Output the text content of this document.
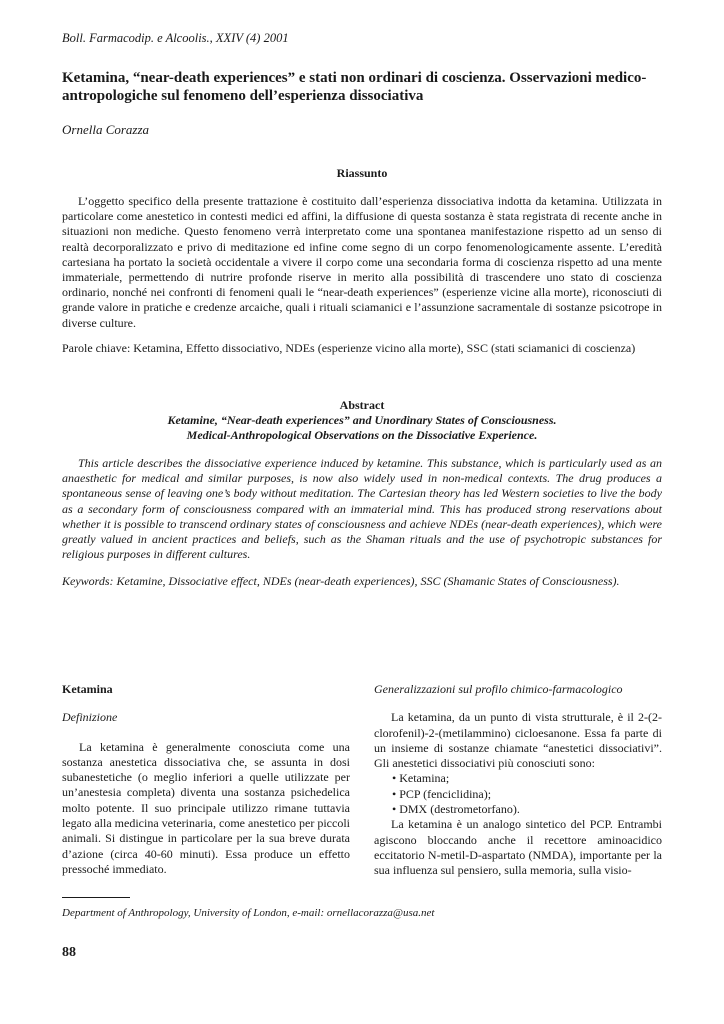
Boll. Farmacodip. e Alcoolis., XXIV (4) 2001
Ketamina, “near-death experiences” e stati non ordinari di coscienza. Osservazioni medico-antropologiche sul fenomeno dell’esperienza dissociativa
Ornella Corazza
Riassunto
L’oggetto specifico della presente trattazione è costituito dall’esperienza dissociativa indotta da ketamina. Utilizzata in particolare come anestetico in contesti medici ed affini, la diffusione di questa sostanza è stata registrata di recente anche in situazioni non mediche. Questo fenomeno verrà interpretato come una spontanea manifestazione rispetto ad un senso di realtà decorporalizzato e privo di meditazione ed infine come segno di un corpo fenomenologicamente assente. L’eredità cartesiana ha portato la società occidentale a vivere il corpo come una secondaria forma di coscienza rispetto ad una mente immateriale, permettendo di nutrire profonde riserve in merito alla possibilità di trascendere uno stato di coscienza ordinario, nonché nei confronti di fenomeni quali le “near-death experiences” (esperienze vicine alla morte), riconosciuti di grande valore in pratiche e credenze arcaiche, quali i rituali sciamanici e l’assunzione sacramentale di sostanze psicotrope in diverse culture.
Parole chiave: Ketamina, Effetto dissociativo, NDEs (esperienze vicino alla morte), SSC (stati sciamanici di coscienza)
Abstract
Ketamine, “Near-death experiences” and Unordinary States of Consciousness.
Medical-Anthropological Observations on the Dissociative Experience.
This article describes the dissociative experience induced by ketamine. This substance, which is particularly used as an anaesthetic for medical and similar purposes, is now also widely used in non-medical contexts. The drug produces a spontaneous sense of leaving one’s body without meditation. The Cartesian theory has led Western societies to live the body as a secondary form of consciousness compared with an immaterial mind. This has produced strong reservations about whether it is possible to transcend ordinary states of consciousness and achieve NDEs (near-death experiences), which were greatly valued in ancient practices and beliefs, such as the Shaman rituals and the use of psychotropic substances for religious purposes in different cultures.
Keywords: Ketamine, Dissociative effect, NDEs (near-death experiences), SSC (Shamanic States of Consciousness).

Ketamina

Definizione

La ketamina è generalmente conosciuta come una sostanza anestetica dissociativa che, se assunta in dosi subanestetiche (o meglio inferiori a quelle utilizzate per un’anestesia completa) diventa una sostanza psichedelica molto potente. Il suo principale utilizzo rimane tuttavia legato alla medicina veterinaria, come anestetico per piccoli animali. Si distingue in particolare per la sua breve durata d’azione (circa 40-60 minuti). Essa produce un effetto pressoché immediato.

Generalizzazioni sul profilo chimico-farmacologico

La ketamina, da un punto di vista strutturale, è il 2-(2-clorofenil)-2-(metilammino) cicloesanone. Essa fa parte di un insieme di sostanze chiamate “anestetici dissociativi”. Gli anestetici dissociativi più conosciuti sono:

• Ketamina;

• PCP (fenciclidina);

• DMX (destrometorfano).

La ketamina è un analogo sintetico del PCP. Entrambi agiscono bloccando anche il recettore aminoacidico eccitatorio N-metil-D-aspartato (NMDA), importante per la sua influenza sul pensiero, sulla memoria, sulla visio-

Department of Anthropology, University of London, e-mail: ornellacorazza@usa.net
88
